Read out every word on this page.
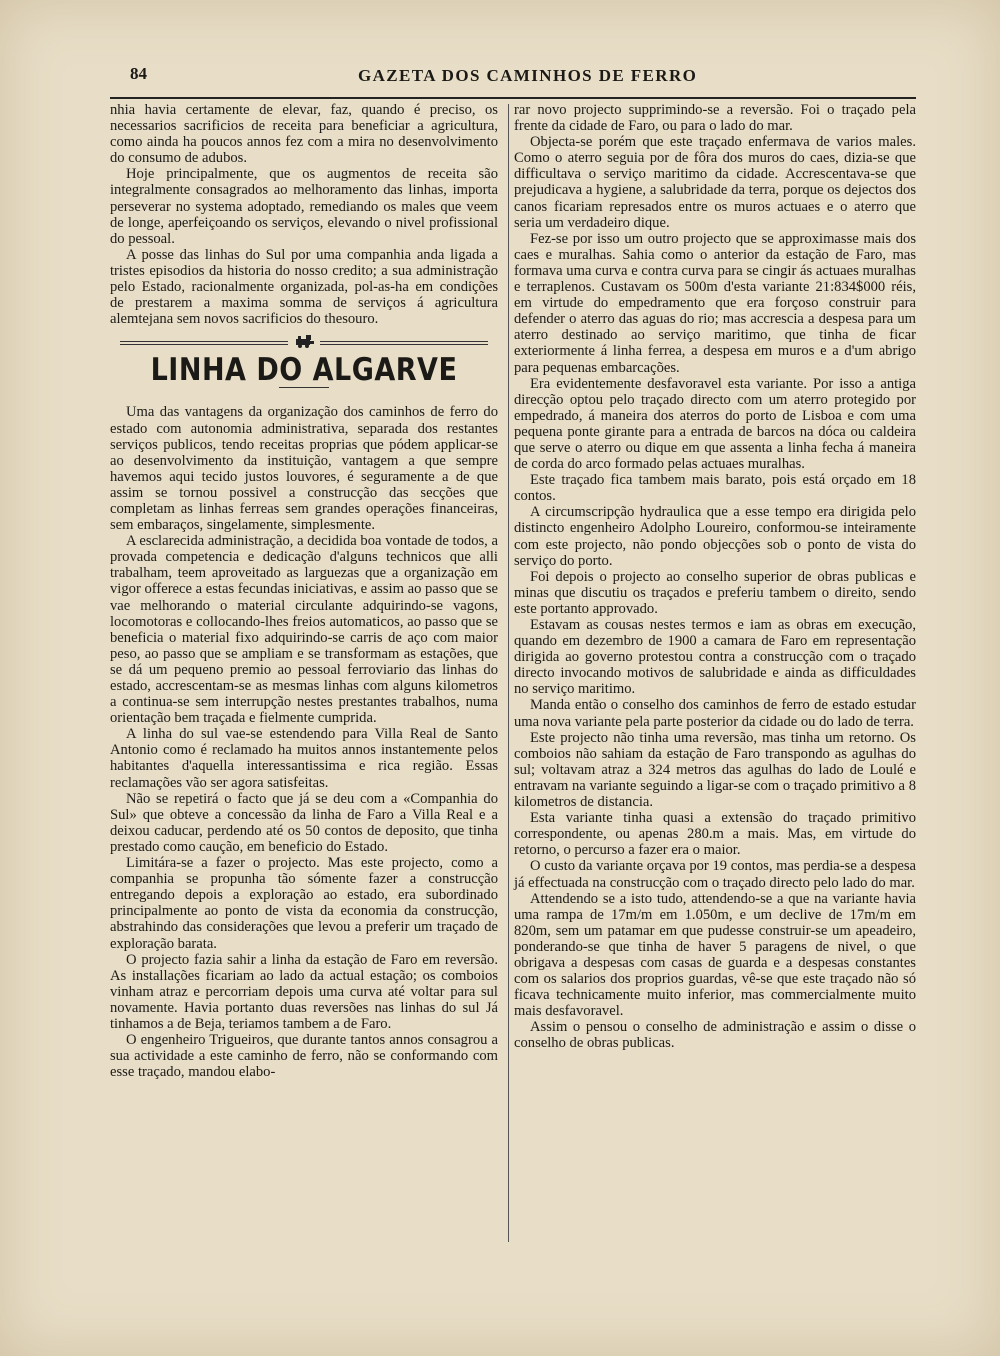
84	GAZETA DOS CAMINHOS DE FERRO

nhia havia certamente de elevar, faz, quando é preciso, os necessarios sacrificios de receita para beneficiar a agricultura, como ainda ha poucos annos fez com a mira no desenvolvimento do consumo de adubos.

Hoje principalmente, que os augmentos de receita são integralmente consagrados ao melhoramento das linhas, importa perseverar no systema adoptado, remediando os males que veem de longe, aperfeiçoando os serviços, elevando o nivel profissional do pessoal.

A posse das linhas do Sul por uma companhia anda ligada a tristes episodios da historia do nosso credito; a sua administração pelo Estado, racionalmente organizada, pol-as-ha em condições de prestarem a maxima somma de serviços á agricultura alemtejana sem novos sacrificios do thesouro.

LINHA DO ALGARVE

Uma das vantagens da organização dos caminhos de ferro do estado com autonomia administrativa, separada dos restantes serviços publicos, tendo receitas proprias que pódem applicar-se ao desenvolvimento da instituição, vantagem a que sempre havemos aqui tecido justos louvores, é seguramente a de que assim se tornou possivel a construcção das secções que completam as linhas ferreas sem grandes operações financeiras, sem embaraços, singelamente, simplesmente.

A esclarecida administração, a decidida boa vontade de todos, a provada competencia e dedicação d'alguns technicos que alli trabalham, teem aproveitado as larguezas que a organização em vigor offerece a estas fecundas iniciativas, e assim ao passo que se vae melhorando o material circulante adquirindo-se vagons, locomotoras e collocando-lhes freios automaticos, ao passo que se beneficia o material fixo adquirindo-se carris de aço com maior peso, ao passo que se ampliam e se transformam as estações, que se dá um pequeno premio ao pessoal ferroviario das linhas do estado, accrescentam-se as mesmas linhas com alguns kilometros a continua-se sem interrupção nestes prestantes trabalhos, numa orientação bem traçada e fielmente cumprida.

A linha do sul vae-se estendendo para Villa Real de Santo Antonio como é reclamado ha muitos annos instantemente pelos habitantes d'aquella interessantissima e rica região. Essas reclamações vão ser agora satisfeitas.

Não se repetirá o facto que já se deu com a «Companhia do Sul» que obteve a concessão da linha de Faro a Villa Real e a deixou caducar, perdendo até os 50 contos de deposito, que tinha prestado como caução, em beneficio do Estado.

Limitára-se a fazer o projecto. Mas este projecto, como a companhia se propunha tão sómente fazer a construcção entregando depois a exploração ao estado, era subordinado principalmente ao ponto de vista da economia da construcção, abstrahindo das considerações que levou a preferir um traçado de exploração barata.

O projecto fazia sahir a linha da estação de Faro em reversão. As installações ficariam ao lado da actual estação; os comboios vinham atraz e percorriam depois uma curva até voltar para sul novamente. Havia portanto duas reversões nas linhas do sul Já tinhamos a de Beja, teriamos tambem a de Faro.

O engenheiro Trigueiros, que durante tantos annos consagrou a sua actividade a este caminho de ferro, não se conformando com esse traçado, mandou elabo-

rar novo projecto supprimindo-se a reversão. Foi o traçado pela frente da cidade de Faro, ou para o lado do mar.

Objecta-se porém que este traçado enfermava de varios males. Como o aterro seguia por de fôra dos muros do caes, dizia-se que difficultava o serviço maritimo da cidade. Accrescentava-se que prejudicava a hygiene, a salubridade da terra, porque os dejectos dos canos ficariam represados entre os muros actuaes e o aterro que seria um verdadeiro dique.

Fez-se por isso um outro projecto que se approximasse mais dos caes e muralhas. Sahia como o anterior da estação de Faro, mas formava uma curva e contra curva para se cingir ás actuaes muralhas e terraplenos. Custavam os 500m d'esta variante 21:834$000 réis, em virtude do empedramento que era forçoso construir para defender o aterro das aguas do rio; mas accrescia a despesa para um aterro destinado ao serviço maritimo, que tinha de ficar exteriormente á linha ferrea, a despesa em muros e a d'um abrigo para pequenas embarcações.

Era evidentemente desfavoravel esta variante. Por isso a antiga direcção optou pelo traçado directo com um aterro protegido por empedrado, á maneira dos aterros do porto de Lisboa e com uma pequena ponte girante para a entrada de barcos na dóca ou caldeira que serve o aterro ou dique em que assenta a linha fecha á maneira de corda do arco formado pelas actuaes muralhas.

Este traçado fica tambem mais barato, pois está orçado em 18 contos.

A circumscripção hydraulica que a esse tempo era dirigida pelo distincto engenheiro Adolpho Loureiro, conformou-se inteiramente com este projecto, não pondo objecções sob o ponto de vista do serviço do porto.

Foi depois o projecto ao conselho superior de obras publicas e minas que discutiu os traçados e preferiu tambem o direito, sendo este portanto approvado.

Estavam as cousas nestes termos e iam as obras em execução, quando em dezembro de 1900 a camara de Faro em representação dirigida ao governo protestou contra a construcção com o traçado directo invocando motivos de salubridade e ainda as difficuldades no serviço maritimo.

Manda então o conselho dos caminhos de ferro de estado estudar uma nova variante pela parte posterior da cidade ou do lado de terra.

Este projecto não tinha uma reversão, mas tinha um retorno. Os comboios não sahiam da estação de Faro transpondo as agulhas do sul; voltavam atraz a 324 metros das agulhas do lado de Loulé e entravam na variante seguindo a ligar-se com o traçado primitivo a 8 kilometros de distancia.

Esta variante tinha quasi a extensão do traçado primitivo correspondente, ou apenas 280.m a mais. Mas, em virtude do retorno, o percurso a fazer era o maior.

O custo da variante orçava por 19 contos, mas perdia-se a despesa já effectuada na construcção com o traçado directo pelo lado do mar.

Attendendo se a isto tudo, attendendo-se a que na variante havia uma rampa de 17m/m em 1.050m, e um declive de 17m/m em 820m, sem um patamar em que pudesse construir-se um apeadeiro, ponderando-se que tinha de haver 5 paragens de nivel, o que obrigava a despesas com casas de guarda e a despesas constantes com os salarios dos proprios guardas, vê-se que este traçado não só ficava technicamente muito inferior, mas commercialmente muito mais desfavoravel.

Assim o pensou o conselho de administração e assim o disse o conselho de obras publicas.
